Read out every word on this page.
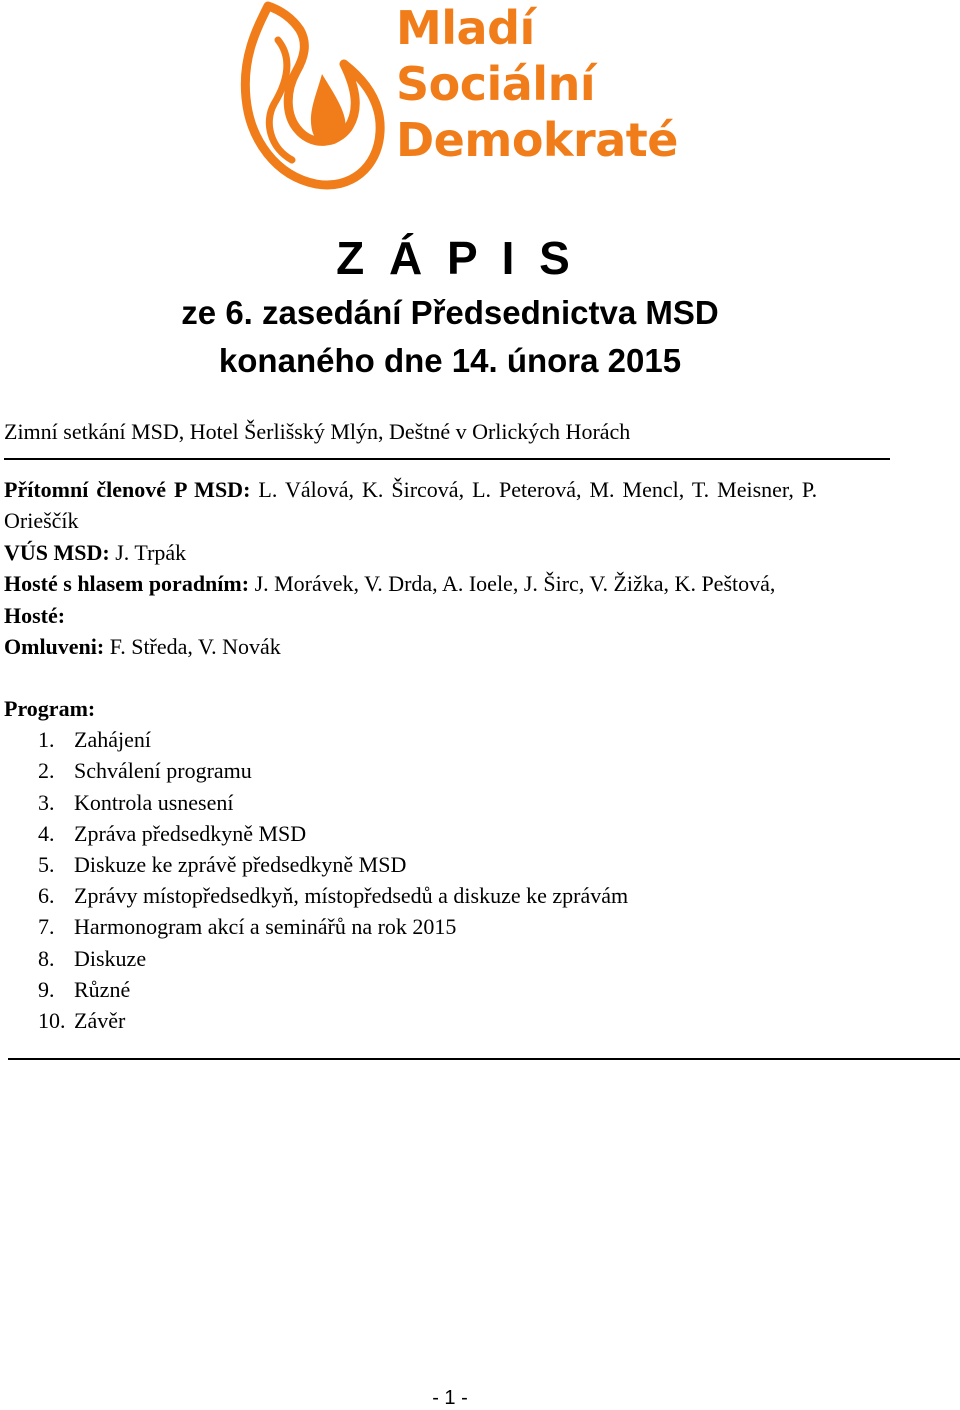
Mladí
Sociální
Demokraté
Z Á P I S
ze 6. zasedání Předsednictva MSD
konaného dne 14. února 2015
Zimní setkání MSD, Hotel Šerlišský Mlýn, Deštné v Orlických Horách
Přítomní členové P MSD: L. Válová, K. Šircová, L. Peterová, M. Mencl, T. Meisner, P.
Orieščík
VÚS MSD: J. Trpák
Hosté s hlasem poradním: J. Morávek, V. Drda, A. Ioele, J. Širc, V. Žižka, K. Peštová,
Hosté:
Omluveni: F. Středa, V. Novák
Program:
1. Zahájení
2. Schválení programu
3. Kontrola usnesení
4. Zpráva předsedkyně MSD
5. Diskuze ke zprávě předsedkyně MSD
6. Zprávy místopředsedkyň, místopředsedů a diskuze ke zprávám
7. Harmonogram akcí a seminářů na rok 2015
8. Diskuze
9. Různé
10. Závěr
- 1 -
